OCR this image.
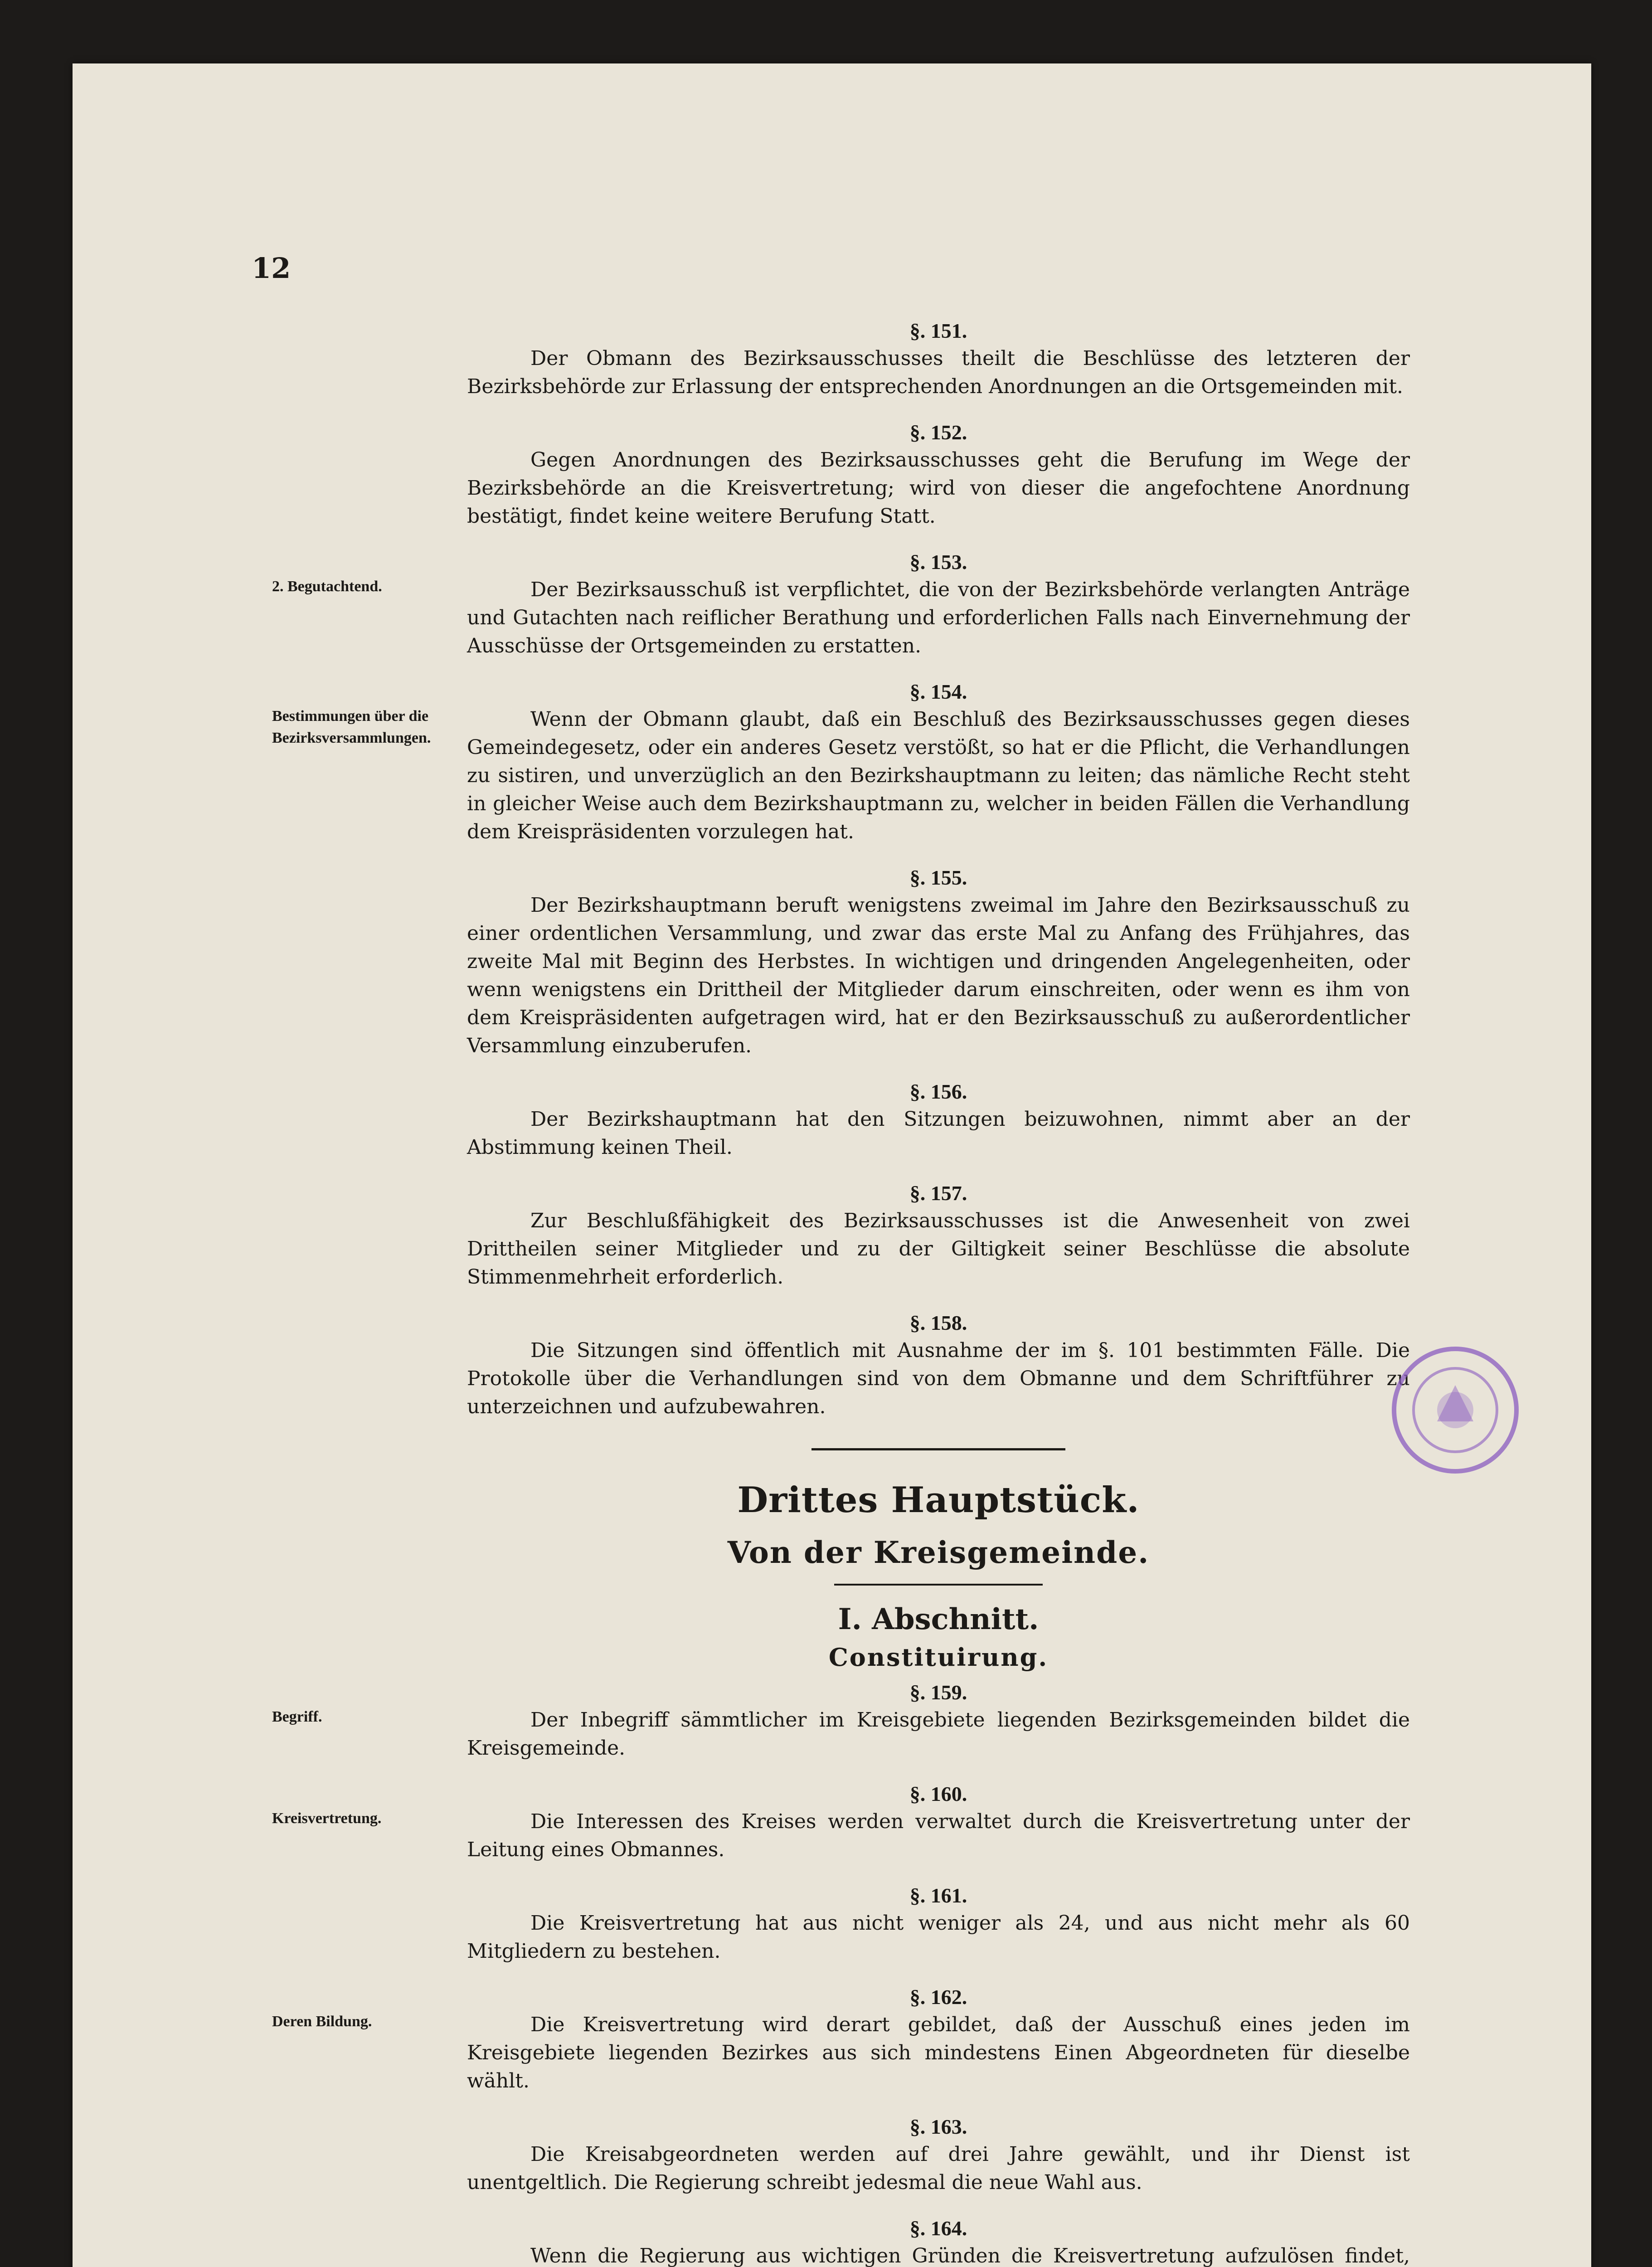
12
§. 151.

Der Obmann des Bezirksausschusses theilt die Beschlüsse des letzteren der Bezirksbehörde zur Erlassung der entsprechenden Anordnungen an die Ortsgemeinden mit.

§. 152.

Gegen Anordnungen des Bezirksausschusses geht die Berufung im Wege der Bezirksbehörde an die Kreisvertretung; wird von dieser die angefochtene Anordnung bestätigt, findet keine weitere Berufung Statt.

§. 153.
2. Begutachtend.	Der Bezirksausschuß ist verpflichtet, die von der Bezirksbehörde verlangten Anträge und Gutachten nach reiflicher Berathung und erforderlichen Falls nach Einvernehmung der Ausschüsse der Ortsgemeinden zu erstatten.

§. 154.
Bestimmungen über die Bezirksversammlungen.

Wenn der Obmann glaubt, daß ein Beschluß des Bezirksausschusses gegen dieses Gemeindegesetz, oder ein anderes Gesetz verstößt, so hat er die Pflicht, die Verhandlungen zu sistiren, und unverzüglich an den Bezirkshauptmann zu leiten; das nämliche Recht steht in gleicher Weise auch dem Bezirkshauptmann zu, welcher in beiden Fällen die Verhandlung dem Kreispräsidenten vorzulegen hat.

§. 155.

Der Bezirkshauptmann beruft wenigstens zweimal im Jahre den Bezirksausschuß zu einer ordentlichen Versammlung, und zwar das erste Mal zu Anfang des Frühjahres, das zweite Mal mit Beginn des Herbstes. In wichtigen und dringenden Angelegenheiten, oder wenn wenigstens ein Drittheil der Mitglieder darum einschreiten, oder wenn es ihm von dem Kreispräsidenten aufgetragen wird, hat er den Bezirksausschuß zu außerordentlicher Versammlung einzuberufen.

§. 156.

Der Bezirkshauptmann hat den Sitzungen beizuwohnen, nimmt aber an der Abstimmung keinen Theil.

§. 157.

Zur Beschlußfähigkeit des Bezirksausschusses ist die Anwesenheit von zwei Drittheilen seiner Mitglieder und zu der Giltigkeit seiner Beschlüsse die absolute Stimmenmehrheit erforderlich.

§. 158.

Die Sitzungen sind öffentlich mit Ausnahme der im §. 101 bestimmten Fälle. Die Protokolle über die Verhandlungen sind von dem Obmanne und dem Schriftführer zu unterzeichnen und aufzubewahren.

Drittes Hauptstück.
Von der Kreisgemeinde.
I. Abschnitt.
Constituirung.
§. 159.
Begriff.	Der Inbegriff sämmtlicher im Kreisgebiete liegenden Bezirksgemeinden bildet die Kreisgemeinde.

§. 160.
Kreisvertretung.	Die Interessen des Kreises werden verwaltet durch die Kreisvertretung unter der Leitung eines Obmannes.

§. 161.

Die Kreisvertretung hat aus nicht weniger als 24, und aus nicht mehr als 60 Mitgliedern zu bestehen.

§. 162.
Deren Bildung.	Die Kreisvertretung wird derart gebildet, daß der Ausschuß eines jeden im Kreisgebiete liegenden Bezirkes aus sich mindestens Einen Abgeordneten für dieselbe wählt.

§. 163.

Die Kreisabgeordneten werden auf drei Jahre gewählt, und ihr Dienst ist unentgeltlich. Die Regierung schreibt jedesmal die neue Wahl aus.

§. 164.

Wenn die Regierung aus wichtigen Gründen die Kreisvertretung aufzulösen findet,
